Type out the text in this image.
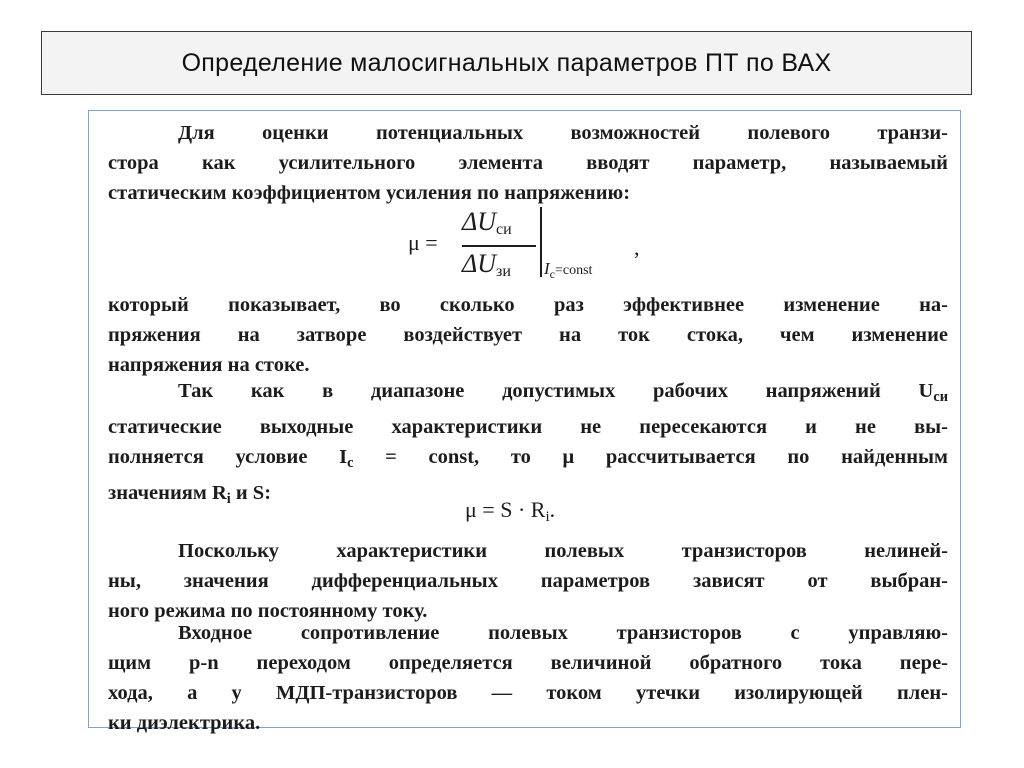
Определение малосигнальных параметров ПТ по ВАХ
Для оценки потенциальных возможностей полевого транзи-
стора как усилительного элемента вводят параметр, называемый
статическим коэффициентом усиления по напряжению:
μ =
$\Delta U_{си}$
$\Delta U_{зи}$ $I_с=const$
,
который показывает, во сколько раз эффективнее изменение на-
пряжения на затворе воздействует на ток стока, чем изменение
напряжения на стоке.
Так как в диапазоне допустимых рабочих напряжений $U_{си}$
статические выходные характеристики не пересекаются и не вы-
полняется условие $I_с$ = const, то μ рассчитывается по найденным
значениям $R_i$ и S:
$\mu = S \cdot R_i$.
Поскольку характеристики полевых транзисторов нелиней-
ны, значения дифференциальных параметров зависят от выбран-
ного режима по постоянному току.
Входное сопротивление полевых транзисторов с управляю-
щим p-n переходом определяется величиной обратного тока пере-
хода, а у МДП-транзисторов — током утечки изолирующей плен-
ки диэлектрика.
